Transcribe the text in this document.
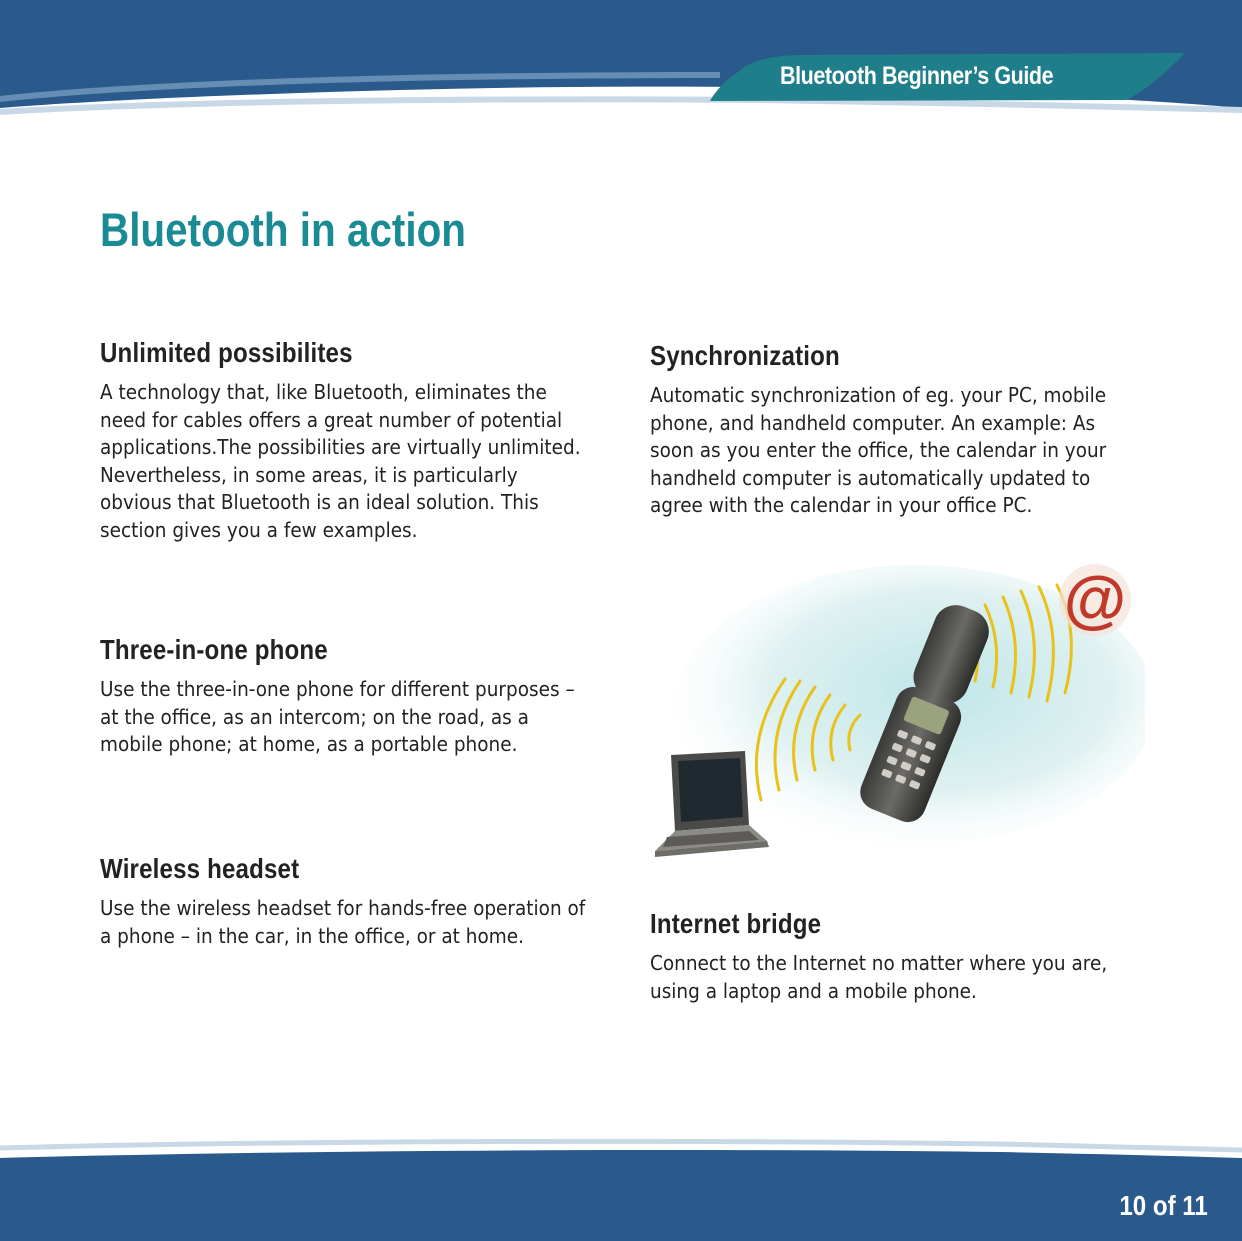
Bluetooth Beginner’s Guide
Bluetooth in action
Unlimited possibilites

A technology that, like Bluetooth, eliminates the need for cables offers a great number of potential applications.The possibilities are virtually unlimited. Nevertheless, in some areas, it is particularly obvious that Bluetooth is an ideal solution. This section gives you a few examples.

Three-in-one phone

Use the three-in-one phone for different purposes – at the office, as an intercom; on the road, as a mobile phone; at home, as a portable phone.

Wireless headset

Use the wireless headset for hands-free operation of a phone – in the car, in the office, or at home.

Synchronization

Automatic synchronization of eg. your PC, mobile phone, and handheld computer. An example: As soon as you enter the office, the calendar in your handheld computer is automatically updated to agree with the calendar in your office PC.

@
Internet bridge

Connect to the Internet no matter where you are, using a laptop and a mobile phone.

10 of 11
